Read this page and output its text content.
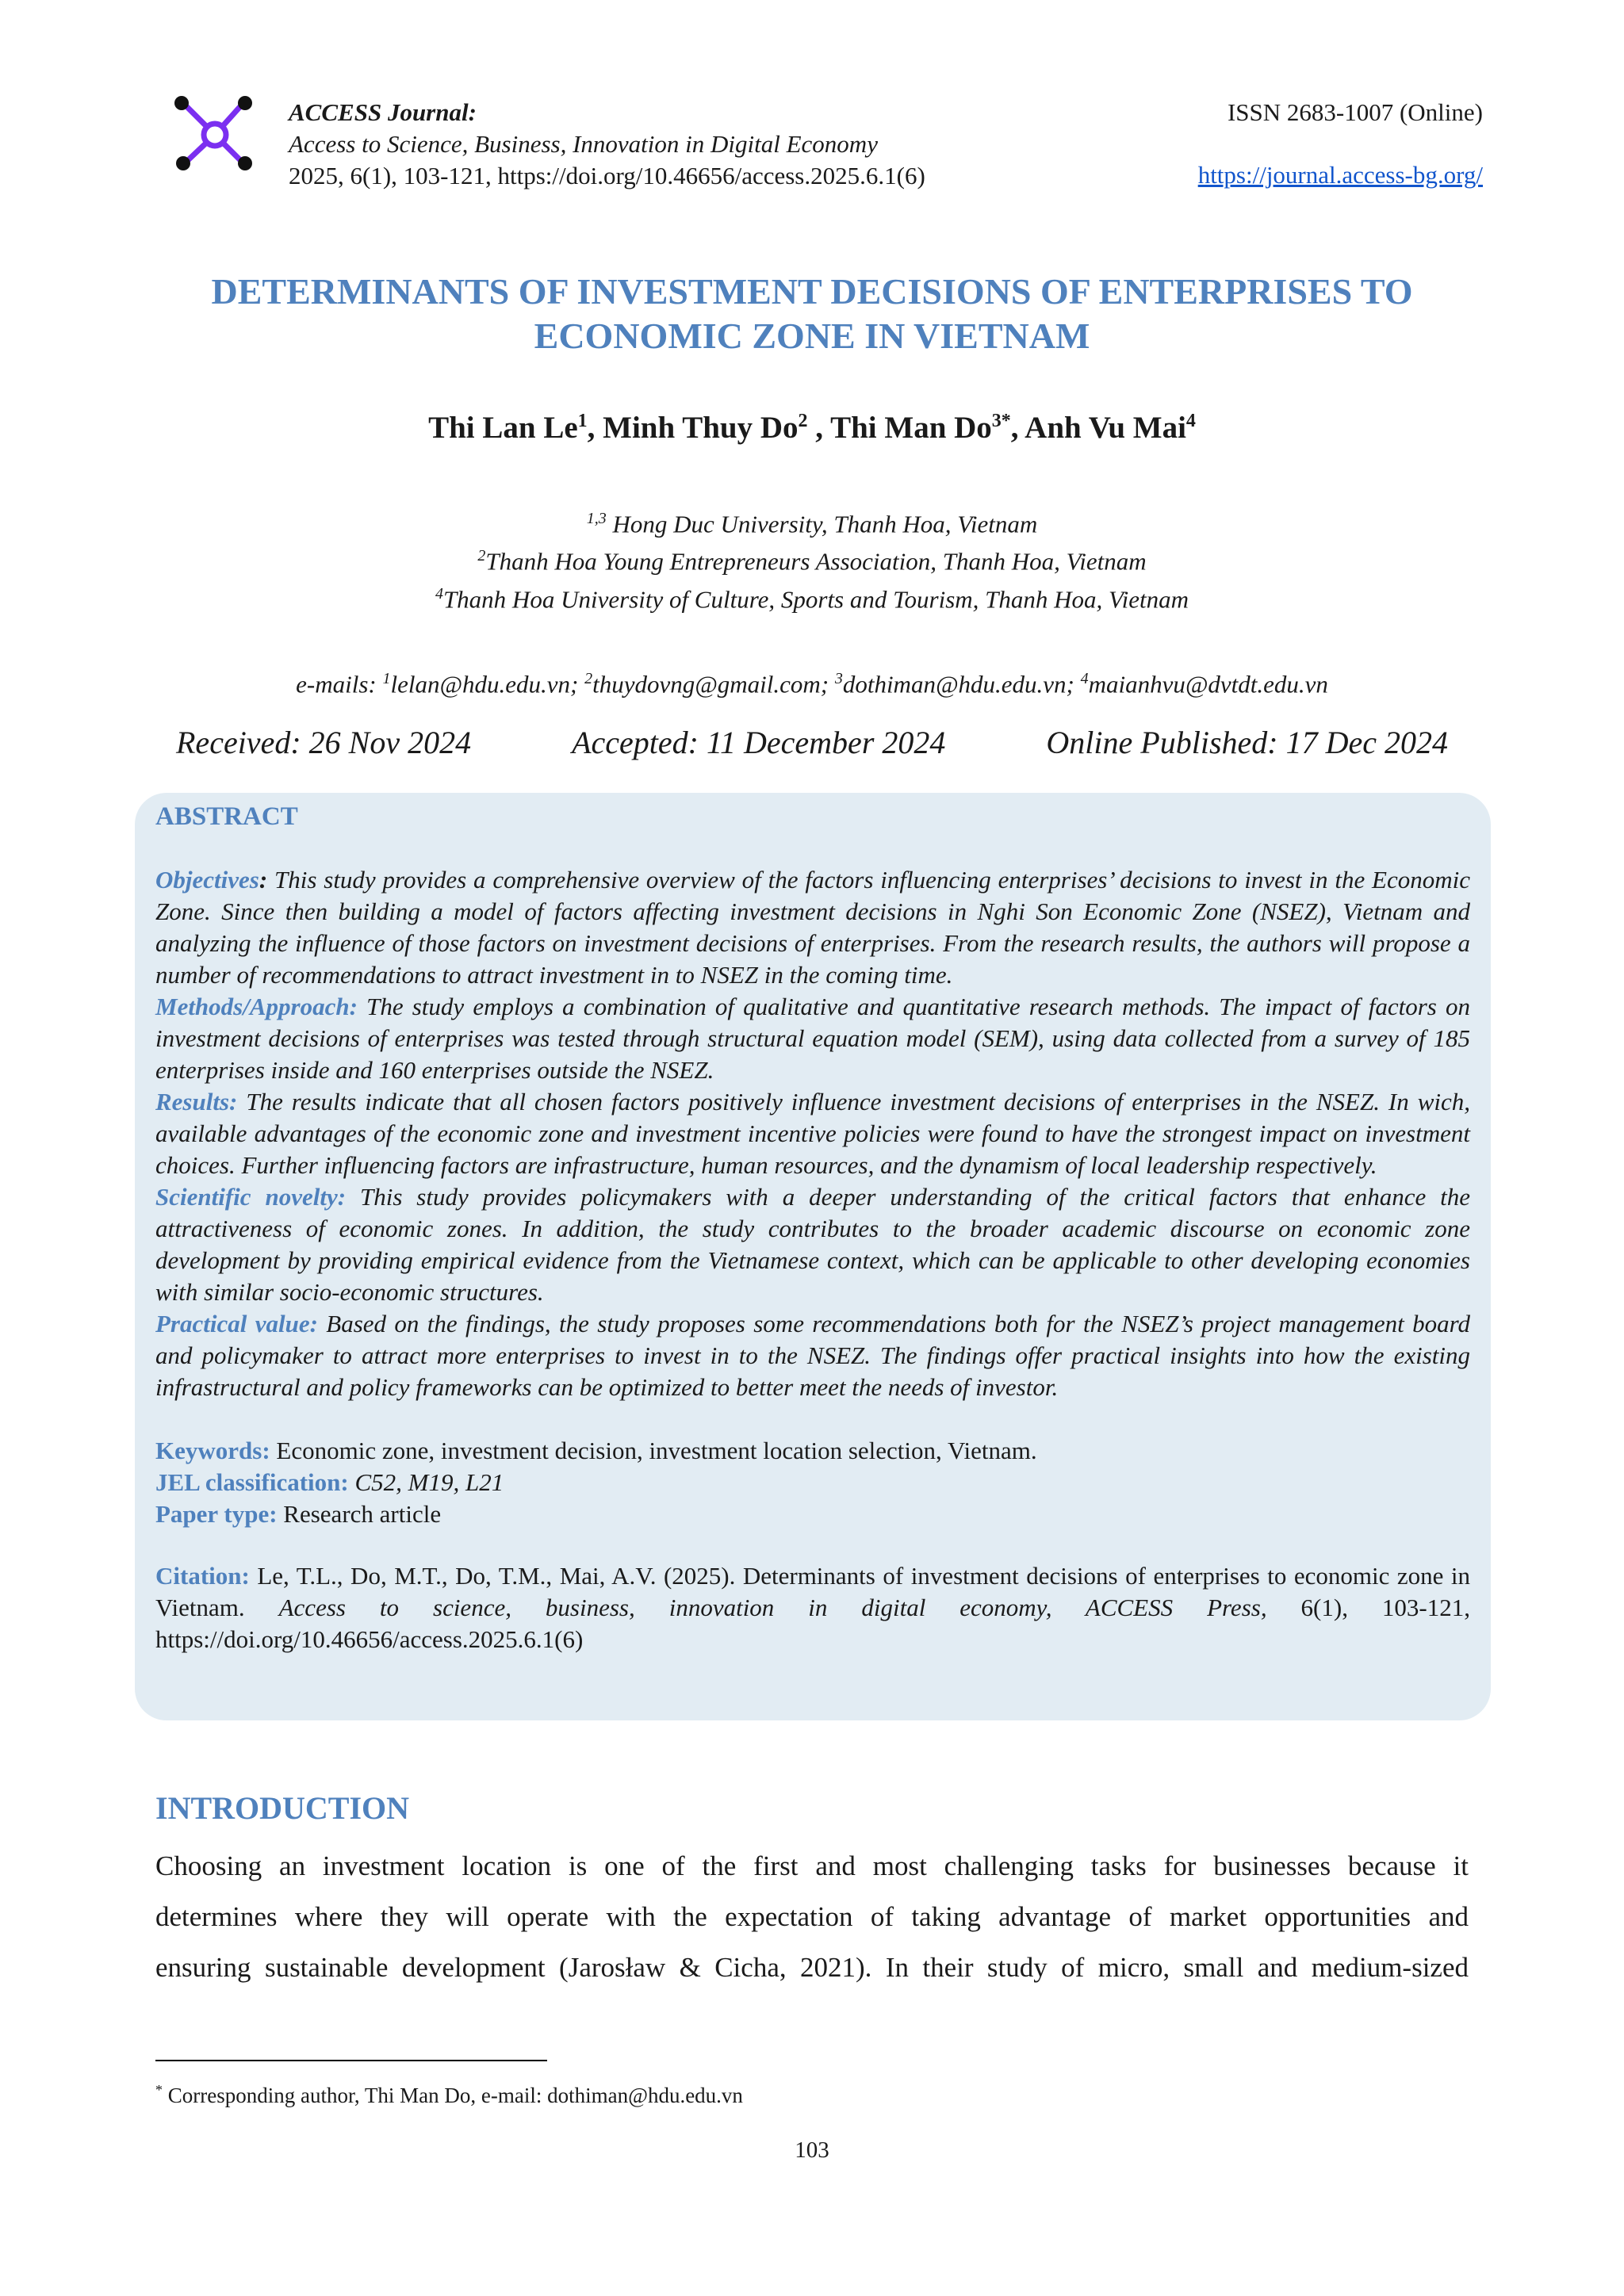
ACCESS Journal:
Access to Science, Business, Innovation in Digital Economy
2025, 6(1), 103-121, https://doi.org/10.46656/access.2025.6.1(6)
ISSN 2683-1007 (Online)
https://journal.access-bg.org/
DETERMINANTS OF INVESTMENT DECISIONS OF ENTERPRISES TO
ECONOMIC ZONE IN VIETNAM
Thi Lan Le$^1$, Minh Thuy Do$^2$ , Thi Man $Do^{3*}$, Anh Vu Mai$^4$
$^{1,3}$ Hong Duc University, Thanh Hoa, Vietnam
$^2$Thanh Hoa Young Entrepreneurs Association, Thanh Hoa, Vietnam
$^4$Thanh Hoa University of Culture, Sports and Tourism, Thanh Hoa, Vietnam
e-mails: $^1$lelan@hdu.edu.vn; $^2$thuydovng@gmail.com; $^3$dothiman@hdu.edu.vn; $^4$maianhvu@dvtdt.edu.vn
Received: 26 Nov 2024	Accepted: 11 December 2024	Online Published: 17 Dec 2024
ABSTRACT

Objectives: This study provides a comprehensive overview of the factors influencing enterprises’ decisions to invest in the Economic Zone. Since then building a model of factors affecting investment decisions in Nghi Son Economic Zone (NSEZ), Vietnam and analyzing the influence of those factors on investment decisions of enterprises. From the research results, the authors will propose a number of recommendations to attract investment in to NSEZ in the coming time.

Methods/Approach: The study employs a combination of qualitative and quantitative research methods. The impact of factors on investment decisions of enterprises was tested through structural equation model (SEM), using data collected from a survey of 185 enterprises inside and 160 enterprises outside the NSEZ.

Results: The results indicate that all chosen factors positively influence investment decisions of enterprises in the NSEZ. In wich, available advantages of the economic zone and investment incentive policies were found to have the strongest impact on investment choices. Further influencing factors are infrastructure, human resources, and the dynamism of local leadership respectively.

Scientific novelty: This study provides policymakers with a deeper understanding of the critical factors that enhance the attractiveness of economic zones. In addition, the study contributes to the broader academic discourse on economic zone development by providing empirical evidence from the Vietnamese context, which can be applicable to other developing economies with similar socio-economic structures.

Practical value: Based on the findings, the study proposes some recommendations both for the NSEZ’s project management board and policymaker to attract more enterprises to invest in to the NSEZ. The findings offer practical insights into how the existing infrastructural and policy frameworks can be optimized to better meet the needs of investor.

Keywords: Economic zone, investment decision, investment location selection, Vietnam.

JEL classification: C52, M19, L21

Paper type: Research article

Citation: Le, T.L., Do, M.T., Do, T.M., Mai, A.V. (2025). Determinants of investment decisions of enterprises to economic zone in Vietnam. Access to science, business, innovation in digital economy, ACCESS Press, 6(1), 103-121, https://doi.org/10.46656/access.2025.6.1(6)

INTRODUCTION
Choosing an investment location is one of the first and most challenging tasks for businesses because it
determines where they will operate with the expectation of taking advantage of market opportunities and
ensuring sustainable development (Jarosław & Cicha, 2021). In their study of micro, small and medium-sized
* Corresponding author, Thi Man Do, e-mail: dothiman@hdu.edu.vn
103
